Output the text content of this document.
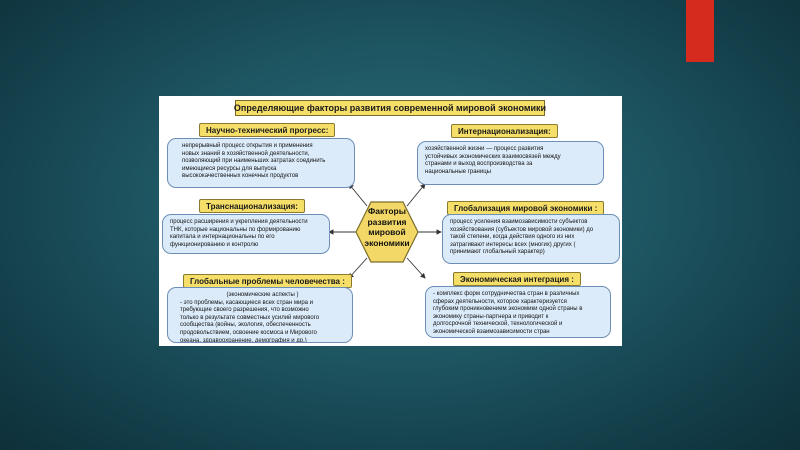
Определяющие факторы развития современной мировой экономики
Научно-технический прогресс:
непрерывный процесс открытия и применения
новых знаний в хозяйственной деятельности,
позволяющий при наименьших затратах соединить
имеющиеся ресурсы для выпуска
высококачественных конечных продуктов
Интернационализация:
хозяйственной жизни — процесс развития
устойчивых экономических взаимосвязей между
странами и выход воспроизводства за
национальные границы
Транснационализация:
процесс расширения и укрепления деятельности
ТНК, которые национальны по формированию
капитала и интернациональны по его
функционированию и контролю
Глобализация мировой экономики :
процесс усиления взаимозависимости субъектов
хозяйствования (субъектов мировой экономики) до
такой степени, когда действия одного из них
затрагивают интересы всех (многих) других (
принимают глобальный характер)
Глобальные проблемы человечества :
(экономические аспекты )
- это проблемы, касающиеся всех стран мира и
требующие своего разрешения, что возможно
только в результате совместных усилий мирового
сообщества (войны, экология, обеспеченность
продовольствием, освоение космоса и Мирового
океана, здравоохранение, демография и др.)
Экономическая интеграция :
- комплекс форм сотрудничества стран в различных
сферах деятельности, которое характеризуется
глубоким проникновением экономики одной страны в
экономику страны-партнера и приводит к
долгосрочной технической, технологической и
экономической взаимозависимости стран
Факторы
развития
мировой
экономики
